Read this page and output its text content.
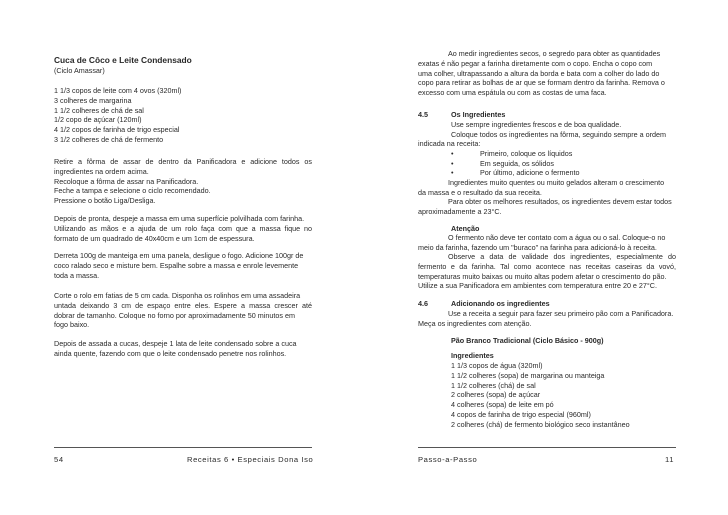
Cuca de Côco e Leite Condensado
(Ciclo Amassar)

1 1/3 copos de leite com 4 ovos (320ml)

3 colheres de margarina

1 1/2 colheres de chá de sal

1/2 copo de açúcar (120ml)

4 1/2 copos de farinha de trigo especial

3 1/2 colheres de chá de fermento

Retire a fôrma de assar de dentro da Panificadora e adicione todos os

ingredientes na ordem acima.

Recoloque a fôrma de assar na Panificadora.

Feche a tampa e selecione o ciclo recomendado.

Pressione o botão Liga/Desliga.

Depois de pronta, despeje a massa em uma superfície polvilhada com farinha.

Utilizando as mãos e a ajuda de um rolo faça com que a massa fique no

formato de um quadrado de 40x40cm e um 1cm de espessura.

Derreta 100g de manteiga em uma panela, desligue o fogo. Adicione 100gr de

coco ralado seco e misture bem. Espalhe sobre a massa e enrole levemente

toda a massa.

Corte o rolo em fatias de 5 cm cada. Disponha os rolinhos em uma assadeira

untada deixando 3 cm de espaço entre eles. Espere a massa crescer até

dobrar de tamanho. Coloque no forno por aproximadamente 50 minutos em

fogo baixo.

Depois de assada a cucas, despeje 1 lata de leite condensado sobre a cuca

ainda quente, fazendo com que o leite condensado penetre nos rolinhos.

54	Receitas 6 • Especiais Dona Iso

Ao medir ingredientes secos, o segredo para obter as quantidades

exatas é não pegar a farinha diretamente com o copo. Encha o copo com

uma colher, ultrapassando a altura da borda e bata com a colher do lado do

copo para retirar as bolhas de ar que se formam dentro da farinha. Remova o

excesso com uma espátula ou com as costas de uma faca.

4.5	Os Ingredientes
Use sempre ingredientes frescos e de boa qualidade.
Coloque todos os ingredientes na fôrma, seguindo sempre a ordem
indicada na receita:
•	Primeiro, coloque os líquidos
•	Em seguida, os sólidos
•	Por último, adicione o fermento

Ingredientes muito quentes ou muito gelados alteram o crescimento

da massa e o resultado da sua receita.

Para obter os melhores resultados, os ingredientes devem estar todos

aproximadamente a 23°C.

Atenção

O fermento não deve ter contato com a água ou o sal. Coloque-o no

meio da farinha, fazendo um "buraco" na farinha para adicioná-lo à receita.

Observe a data de validade dos ingredientes, especialmente do

fermento e da farinha. Tal como acontece nas receitas caseiras da vovó,

temperaturas muito baixas ou muito altas podem afetar o crescimento do pão.

Utilize a sua Panificadora em ambientes com temperatura entre 20 e 27°C.

4.6	Adicionando os ingredientes

Use a receita a seguir para fazer seu primeiro pão com a Panificadora.

Meça os ingredientes com atenção.

Pão Branco Tradicional (Ciclo Básico - 900g)
Ingredientes

1 1/3 copos de água (320ml)

1 1/2 colheres (sopa) de margarina ou manteiga

1 1/2 colheres (chá) de sal

2 colheres (sopa) de açúcar

4 colheres (sopa) de leite em pó

4 copos de farinha de trigo especial (960ml)

2 colheres (chá) de fermento biológico seco instantâneo

Passo-a-Passo	11
